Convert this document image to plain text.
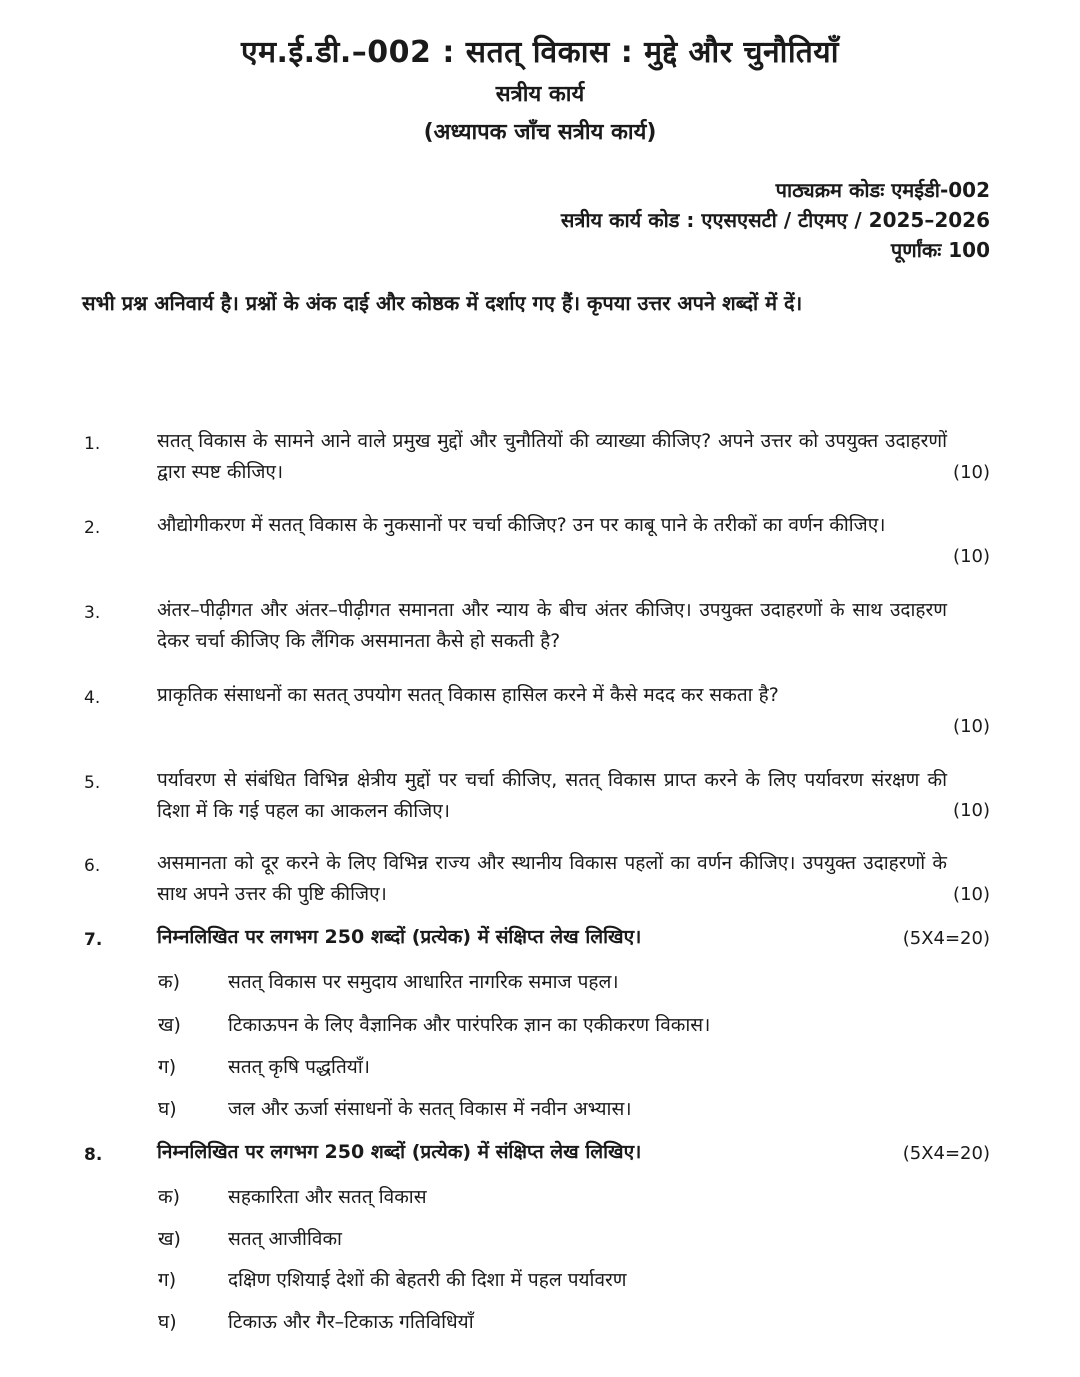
एम.ई.डी.–002 : सतत् विकास : मुद्दे और चुनौतियाँ
सत्रीय कार्य
(अध्यापक जाँच सत्रीय कार्य)
पाठ्यक्रम कोडः एमईडी-002
सत्रीय कार्य कोड : एएसएसटी / टीएमए / 2025–2026
पूर्णांकः 100
सभी प्रश्न अनिवार्य है। प्रश्नों के अंक दाई और कोष्ठक में दर्शाए गए हैं। कृपया उत्तर अपने शब्दों में दें।
1.	सतत् विकास के सामने आने वाले प्रमुख मुद्दों और चुनौतियों की व्याख्या कीजिए? अपने उत्तर को उपयुक्त उदाहरणों द्वारा स्पष्ट कीजिए।	(10)
2.	औद्योगीकरण में सतत् विकास के नुकसानों पर चर्चा कीजिए? उन पर काबू पाने के तरीकों का वर्णन कीजिए।
(10)
3.	अंतर–पीढ़ीगत और अंतर–पीढ़ीगत समानता और न्याय के बीच अंतर कीजिए। उपयुक्त उदाहरणों के साथ उदाहरण देकर चर्चा कीजिए कि लैंगिक असमानता कैसे हो सकती है?
4.	प्राकृतिक संसाधनों का सतत् उपयोग सतत् विकास हासिल करने में कैसे मदद कर सकता है?
(10)
5.	पर्यावरण से संबंधित विभिन्न क्षेत्रीय मुद्दों पर चर्चा कीजिए, सतत् विकास प्राप्त करने के लिए पर्यावरण संरक्षण की दिशा में कि गई पहल का आकलन कीजिए।	(10)
6.	असमानता को दूर करने के लिए विभिन्न राज्य और स्थानीय विकास पहलों का वर्णन कीजिए। उपयुक्त उदाहरणों के साथ अपने उत्तर की पुष्टि कीजिए।	(10)
7.	निम्नलिखित पर लगभग 250 शब्दों (प्रत्येक) में संक्षिप्त लेख लिखिए।	(5X4=20)
क)	सतत् विकास पर समुदाय आधारित नागरिक समाज पहल।
ख) टिकाऊपन के लिए वैज्ञानिक और पारंपरिक ज्ञान का एकीकरण विकास।
ग)	सतत् कृषि पद्धतियाँ।
घ)	जल और ऊर्जा संसाधनों के सतत् विकास में नवीन अभ्यास।
8.	निम्नलिखित पर लगभग 250 शब्दों (प्रत्येक) में संक्षिप्त लेख लिखिए।	(5X4=20)
क)	सहकारिता और सतत् विकास
ख) सतत् आजीविका
ग)	दक्षिण एशियाई देशों की बेहतरी की दिशा में पहल पर्यावरण
घ)	टिकाऊ और गैर–टिकाऊ गतिविधियाँ
